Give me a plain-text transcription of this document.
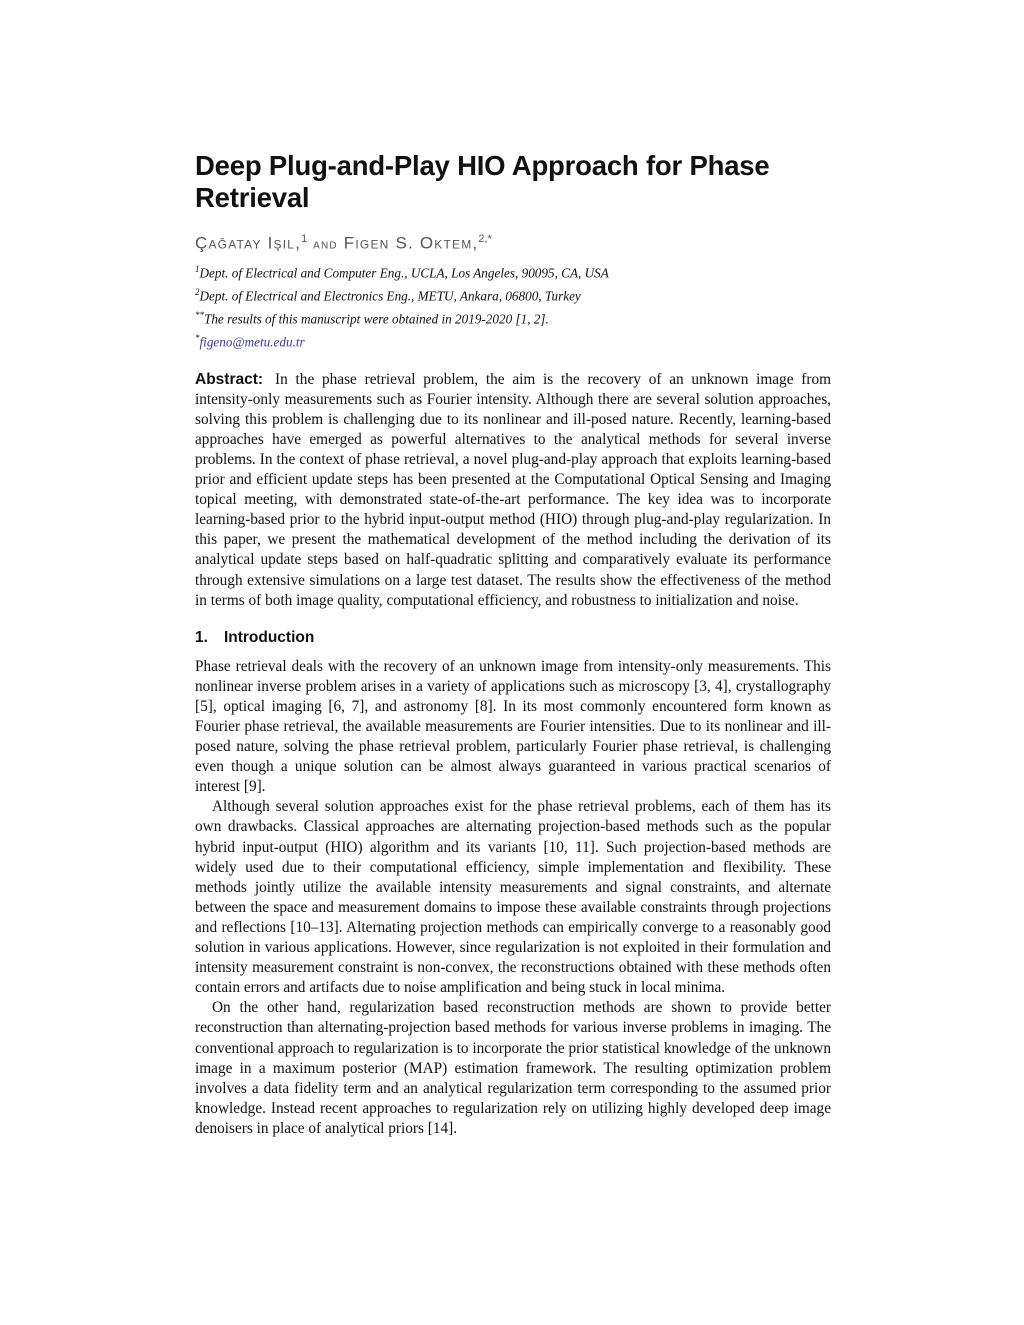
Deep Plug-and-Play HIO Approach for Phase Retrieval
Çağatay Işil,$^1$ and Figen S. Oktem,$^{2,*}$
$^1$Dept. of Electrical and Computer Eng., UCLA, Los Angeles, 90095, CA, USA
$^2$Dept. of Electrical and Electronics Eng., METU, Ankara, 06800, Turkey
**The results of this manuscript were obtained in 2019-2020 [1, 2].
*figeno@metu.edu.tr
Abstract: In the phase retrieval problem, the aim is the recovery of an unknown image from intensity-only measurements such as Fourier intensity. Although there are several solution approaches, solving this problem is challenging due to its nonlinear and ill-posed nature. Recently, learning-based approaches have emerged as powerful alternatives to the analytical methods for several inverse problems. In the context of phase retrieval, a novel plug-and-play approach that exploits learning-based prior and efficient update steps has been presented at the Computational Optical Sensing and Imaging topical meeting, with demonstrated state-of-the-art performance. The key idea was to incorporate learning-based prior to the hybrid input-output method (HIO) through plug-and-play regularization. In this paper, we present the mathematical development of the method including the derivation of its analytical update steps based on half-quadratic splitting and comparatively evaluate its performance through extensive simulations on a large test dataset. The results show the effectiveness of the method in terms of both image quality, computational efficiency, and robustness to initialization and noise.
1. Introduction

Phase retrieval deals with the recovery of an unknown image from intensity-only measurements. This nonlinear inverse problem arises in a variety of applications such as microscopy [3, 4], crystallography [5], optical imaging [6, 7], and astronomy [8]. In its most commonly encountered form known as Fourier phase retrieval, the available measurements are Fourier intensities. Due to its nonlinear and ill-posed nature, solving the phase retrieval problem, particularly Fourier phase retrieval, is challenging even though a unique solution can be almost always guaranteed in various practical scenarios of interest [9].

Although several solution approaches exist for the phase retrieval problems, each of them has its own drawbacks. Classical approaches are alternating projection-based methods such as the popular hybrid input-output (HIO) algorithm and its variants [10, 11]. Such projection-based methods are widely used due to their computational efficiency, simple implementation and flexibility. These methods jointly utilize the available intensity measurements and signal constraints, and alternate between the space and measurement domains to impose these available constraints through projections and reflections [10–13]. Alternating projection methods can empirically converge to a reasonably good solution in various applications. However, since regularization is not exploited in their formulation and intensity measurement constraint is non-convex, the reconstructions obtained with these methods often contain errors and artifacts due to noise amplification and being stuck in local minima.

On the other hand, regularization based reconstruction methods are shown to provide better reconstruction than alternating-projection based methods for various inverse problems in imaging. The conventional approach to regularization is to incorporate the prior statistical knowledge of the unknown image in a maximum posterior (MAP) estimation framework. The resulting optimization problem involves a data fidelity term and an analytical regularization term corresponding to the assumed prior knowledge. Instead recent approaches to regularization rely on utilizing highly developed deep image denoisers in place of analytical priors [14].
